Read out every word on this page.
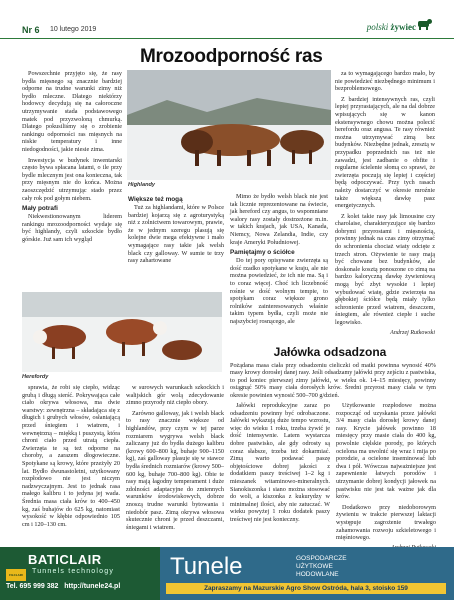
Nr 6 10 lutego 2019	polski żywiec
Mrozoodporność ras

Powszechnie przyjęto się, że rasy bydła mięsnego są znacznie bardziej odporne na trudne warunki zimy niż bydło mleczne. Dlatego niektórzy hodowcy decydują się na całoroczne utrzymywanie stada podstawowego matek pod przyzwoloną chmurką. Dlatego pokusiliśmy się o zrobienie rankingu odporności ras mięsnych na niskie temperatury i inne niedogodności, jakie niesie zima.

Inwestycja w budynek inwentarski często bywa spłacana latami, o ile przy bydle mlecznym jest ona konieczna, tak przy mięsnym nie do końca. Można zaoszczędzić utrzymując stado przez cały rok pod gołym niebem.

Mały potrafi

Niekwestionowanym liderem rankingu mrozoodporności wydaje się być highlandy, czyli szkockie bydło górskie. Już sam ich wygląd

Highlandy
Większe też mogą

Tuż za highlandami, które w Polsce bardziej kojarzą się z agroturystyką niż z zolnictwem towarowym, prawie, że w jednym szeregu plasują się kolejne dwie mega efektywne i mało wymagające rasy takie jak welsh black czy galloway. W sumie te trzy rasy zahartowane

Mimo że bydło welsh black nie jest tak licznie reprezentowane na świecie, jak hereford czy angus, to wspomniane walory rasy zostały dostrzeżone m.in. w takich krajach, jak USA, Kanada, Niemcy, Nowa Zelandia, Indie, czy kraje Ameryki Południowej.

Pamiętajmy o ściółce

Do tej pory opisywane zwierzęta są dość rzadko spotykane w kraju, ale nie można powiedzieć, że ich nie ma. Są i to coraz więcej. Choć ich liczebność rośnie w dość wolnym tempie, to spotykam coraz większe grono rolników zainteresowanych właśnie takim typem bydła, czyli może nie najszybciej rosnącego, ale

za to wymagającego bardzo mało, by nie powiedzieć niezbędnego minimum i bezproblemowego.

Z bardziej intensywnych ras, czyli lepiej przyrastających, ale na dal dobrze wpisujących się w kanon ekstensywnego chowu można polecić herefordu oraz angusa. Te rasy również można utrzymywać zimą bez budynków. Niezbędne jednak, zresztą w przypadku poprzednich ras też nie zawadzi, jest zadbanie o obfite i regularne ścielenie słomą co sprawi, że zwierzęta poczują się lepiej i częściej będą odpoczywać. Przy tych rasach należy dostarczyć w okresie mroźnie także większą dawkę pasz energetycznych.

Z kolei takie rasy jak limousine czy charolaise, charakteryzujące się bardzo dobrymi przyrostami i mięsnością, powinny jednak na czas zimy otrzymać do schronienia chociaż wiaty odcięte z trzech stron. Ożywienie te rasy mają być chowane bez budynków, ale doskonale kosztą ponoszone co zimą na bardzo kaloryczną dawkę żywieniową mogą być zbyt wysokie i lepiej wybudować wiatę, gdzie zwierzęta na głębokiej ściółce będą miały tylko schronienie przed wiatrem, deszczem, śniegiem, ale również ciepłe i suche legowisko.

Andrzej Rutkowski
Herefordy

sprawia, że robi się ciepło, widząc grubą i długą sierść. Pokrywająca całe ciało okrywa włosowa, ma dwie warstwy: zewnętrzna – składająca się z długich i grubych włosów, osłaniającą przed śniegiem i wiatrem, i wewnętrzną – miękką i puszystą, która chroni ciało przed utratą ciepła. Zwierzęta te są też odporne na choroby, a zarazem dłogowieczne. Spotykane są krowy, które przeżyły 20 lat. Bydło dwunastoletni, użytkowany rozpłodowo nie jest niczym nadzwyczajnym. Jest to jednak rasa małego kalibru i to jedyna jej wada. Średnia masa ciała krów to 400–450 kg, zaś buhajów do 625 kg, natomiast wysokość w kłębie odpowiednio 105 cm i 120–130 cm.

w surowych warunkach szkockich i walijskich gór wolą zdecydowanie zimno przyrody niż ciepło obory.

Zarówno galloway, jak i welsh black to rasy znacznie większe od highlandów, przy czym w tej parze rozmiarem wygrywa welsh black zaliczany już do bydła dużego kalibru (krowy 600–800 kg, buhaje 900–1150 kg), zaś galloway plasuje się w stawce bydła średnich rozmiarów (krowy 500–600 kg, buhaje 700–800 kg). Obie te rasy mają łagodny temperament i duże zdolności adaptacyjne do zmiennych warunków środowiskowych, dobrze znoszą trudne warunki bytowania i niedobór pasz. Zimą okrywa włosowa skutecznie chroni je przed deszczami, śniegami i wiatrem.

Jałówka odsadzona
Pożądana masa ciała przy odsadzeniu cieliczki od matki powinna wynosić 40% masy krowy dorosłej danej rasy. Jeśli odsadzamy jałówki przy zejściu z pastwiska, to pod koniec pierwszej zimy jałówki, w wieku ok. 14–15 miesięcy, powinny osiągnąć 50% masy ciała dorosłych krów. Średni przyrost masy ciała w tym okresie powinien wynosić 500–700 g/dzień.

Jałówki reprodukcyjne zaraz po odsadzeniu powinny być odrobaczone. Jałówki wykazują duże tempo wzrostu, więc do wieku 1 roku, trzeba żywić je dość intensywnie. Latem wystarcza dobre pastwisko, ale gdy odrosty są coraz słabsze, trzeba też dokarmiać. Zimą warto podawać paszę objętościowe dobrej jakości z dodatkiem paszy treściwej 1–2 kg i mieszanek witaminowo-mineralnych. Sianokiszonka i siano można stosować do woli, a kiszonka z kukurydzy w minimalnej ilości, aby nie zatuczać. W wieku powyżej 1 roku dodatek paszy treściwej nie jest konieczny.

Użytkowanie rozpłodowe można rozpocząć od uzyskania przez jałówki 3/4 masy ciała dorosłej krowy danej rasy. Krycie jałówek powinno 18 miesięcy przy masie ciała do 400 kg, powolnie cięlskie porody, po których ocielona ma uwolnić się wraz i mija po porodzie, a ocielone inseminować lub dwa i pół. Wówczas najważniejsze jest zapewnienie łatwych porodów i utrzymanie dobrej kondycji jałowek na pastwisku nie jest tak ważne jak dla krów.

Dodatkowo przy niedoborowym żywieniu w trakcie pierwszej laktacji występuje zagrożenie trwałego zahamowania rozwoju szkieletowego i mięśniowego.

FILCLAIR
BATICLAIR
Tunnels technology
Tel. 695 999 382 http://tunele24.pl
Tunele	GOSPODARCZE UŻYTKOWE HODOWLANE
Zapraszamy na Mazurskie Agro Show Ostróda, hala 3, stoisko 159
